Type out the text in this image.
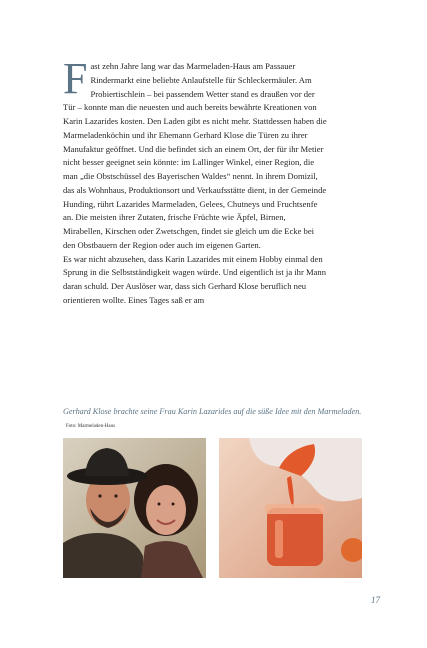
Fast zehn Jahre lang war das Marmeladen-Haus am Passauer Rindermarkt eine beliebte Anlaufstelle für Schleckermäuler. Am Probiertischlein – bei passendem Wetter stand es draußen vor der Tür – konnte man die neuesten und auch bereits bewährte Kreationen von Karin Lazarides kosten. Den Laden gibt es nicht mehr. Stattdessen haben die Marmeladenköchin und ihr Ehemann Gerhard Klose die Türen zu ihrer Manufaktur geöffnet. Und die befindet sich an einem Ort, der für ihr Metier nicht besser geeignet sein könnte: im Lallinger Winkel, einer Region, die man „die Obstschüssel des Bayerischen Waldes“ nennt. In ihrem Domizil, das als Wohnhaus, Produktionsort und Verkaufsstätte dient, in der Gemeinde Hunding, rührt Lazarides Marmeladen, Gelees, Chutneys und Fruchtsenfe an. Die meisten ihrer Zutaten, frische Früchte wie Äpfel, Birnen, Mirabellen, Kirschen oder Zwetschgen, findet sie gleich um die Ecke bei den Obstbauern der Region oder auch im eigenen Garten.

Es war nicht abzusehen, dass Karin Lazarides mit einem Hobby einmal den Sprung in die Selbstständigkeit wagen würde. Und eigentlich ist ja ihr Mann daran schuld. Der Auslöser war, dass sich Gerhard Klose beruflich neu orientieren wollte. Eines Tages saß er am

Gerhard Klose brachte seine Frau Karin Lazarides auf die süße Idee mit den Marmeladen. Foto: Marmeladen-Haus
17
